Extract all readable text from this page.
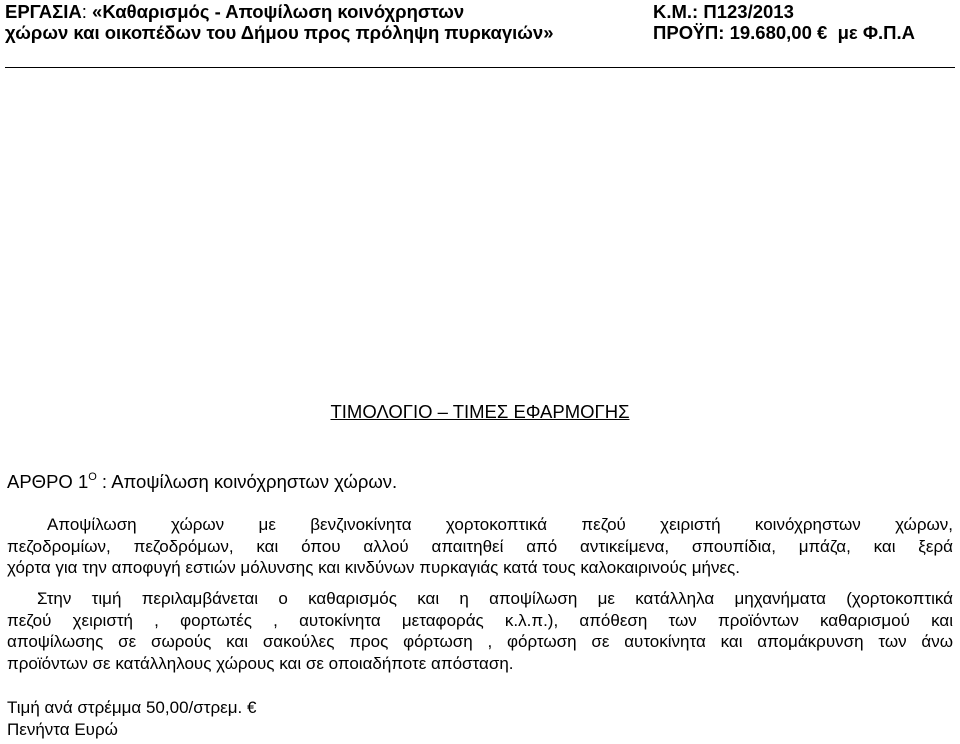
ΕΡΓΑΣΙΑ: «Καθαρισμός - Αποψίλωση κοινόχρηστων
χώρων και οικοπέδων του Δήμου προς πρόληψη πυρκαγιών»
Κ.Μ.: Π123/2013
ΠΡΟΫΠ: 19.680,00 €  με Φ.Π.Α
ΤΙΜΟΛΟΓΙΟ – ΤΙΜΕΣ ΕΦΑΡΜΟΓΗΣ
ΑΡΘΡΟ $1^O$ : Αποψίλωση κοινόχρηστων χώρων.
Αποψίλωση χώρων με βενζινοκίνητα χορτοκοπτικά πεζού χειριστή κοινόχρηστων χώρων,
πεζοδρομίων, πεζοδρόμων, και όπου αλλού απαιτηθεί από αντικείμενα, σπουπίδια, μπάζα, και ξερά
χόρτα για την αποφυγή εστιών μόλυνσης και κινδύνων πυρκαγιάς κατά τους καλοκαιρινούς μήνες.
Στην τιμή περιλαμβάνεται ο καθαρισμός και η αποψίλωση με κατάλληλα μηχανήματα (χορτοκοπτικά
πεζού χειριστή , φορτωτές , αυτοκίνητα μεταφοράς κ.λ.π.), απόθεση των προϊόντων καθαρισμού και
αποψίλωσης σε σωρούς και σακούλες προς φόρτωση , φόρτωση σε αυτοκίνητα και απομάκρυνση των άνω
προϊόντων σε κατάλληλους χώρους και σε οποιαδήποτε απόσταση.
Τιμή ανά στρέμμα 50,00/στρεμ. €
Πενήντα Ευρώ
